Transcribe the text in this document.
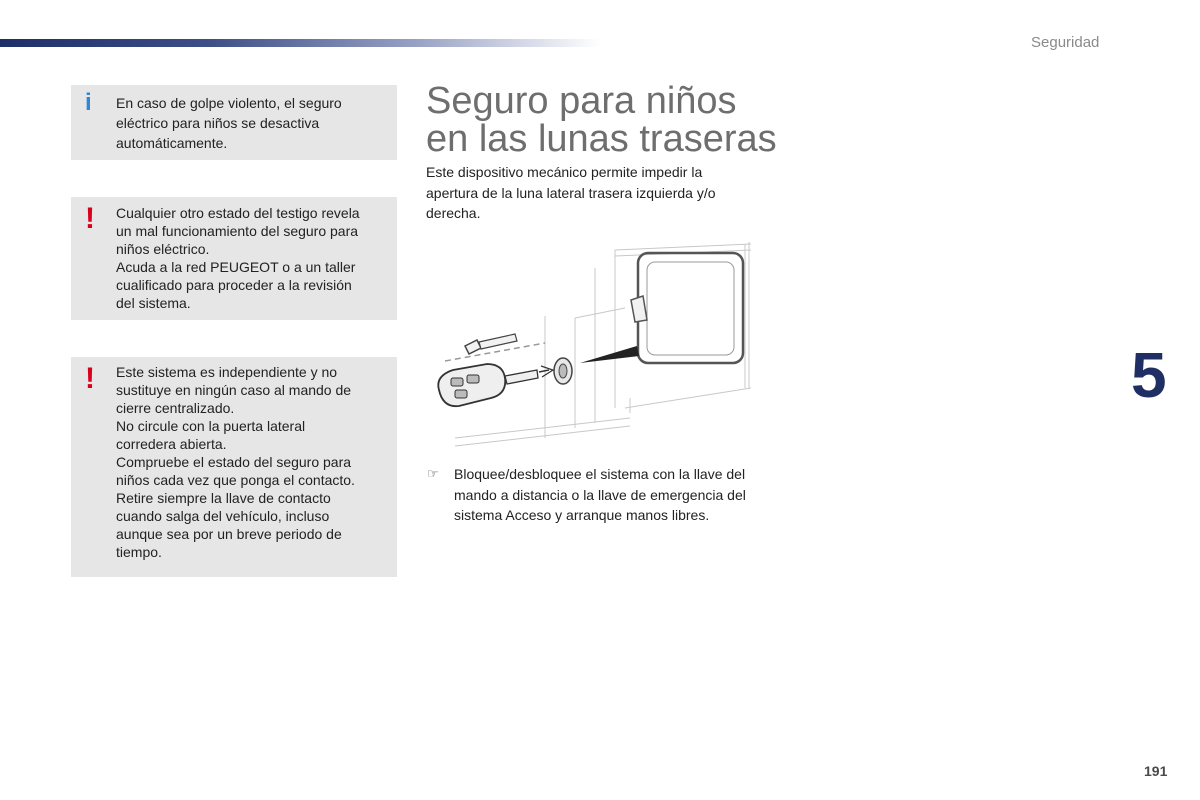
Seguridad
i En caso de golpe violento, el seguro

eléctrico para niños se desactiva

automáticamente.

! Cualquier otro estado del testigo revela

un mal funcionamiento del seguro para

niños eléctrico.

Acuda a la red PEUGEOT o a un taller

cualificado para proceder a la revisión

del sistema.

! Este sistema es independiente y no

sustituye en ningún caso al mando de

cierre centralizado.

No circule con la puerta lateral

corredera abierta.

Compruebe el estado del seguro para

niños cada vez que ponga el contacto.

Retire siempre la llave de contacto

cuando salga del vehículo, incluso

aunque sea por un breve periodo de

tiempo.

Seguro para niños
en las lunas traseras

Este dispositivo mecánico permite impedir la apertura de la luna lateral trasera izquierda y/o derecha.

☞ Bloquee/desbloquee el sistema con la llave del mando a distancia o la llave de emergencia del sistema Acceso y arranque manos libres.

5
191
